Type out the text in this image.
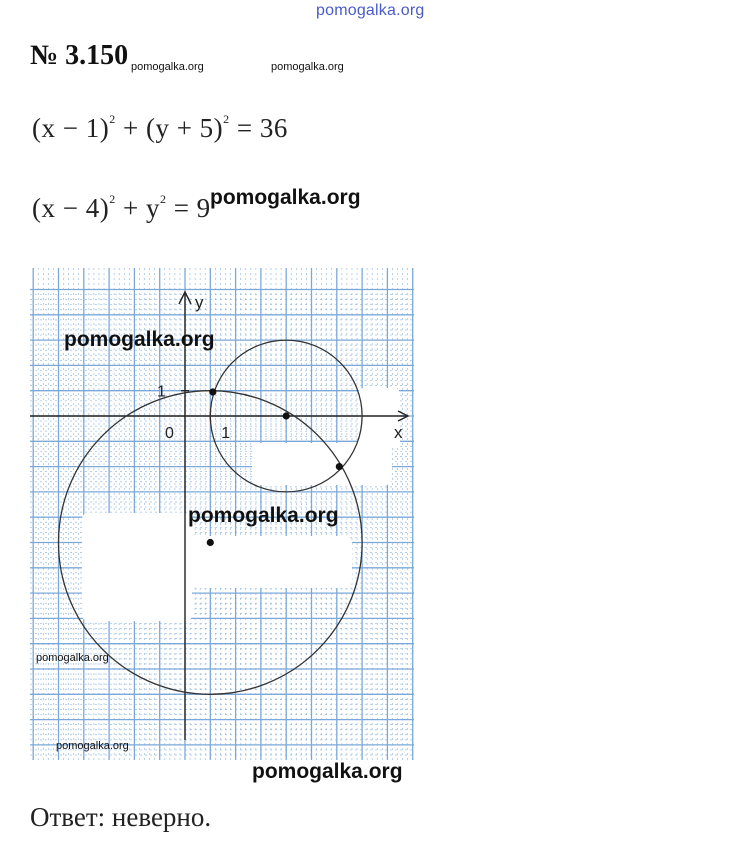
pomogalka.org
№ 3.150 pomogalka.org	pomogalka.org
$(x - 1)^2 + (y + 5)^2 = 36$
$(x - 4)^2 + y^2 = 9$ pomogalka.org
y
x
0	1
1
pomogalka.org
pomogalka.org
pomogalka.org
pomogalka.org
pomogalka.org
Ответ: неверно.
